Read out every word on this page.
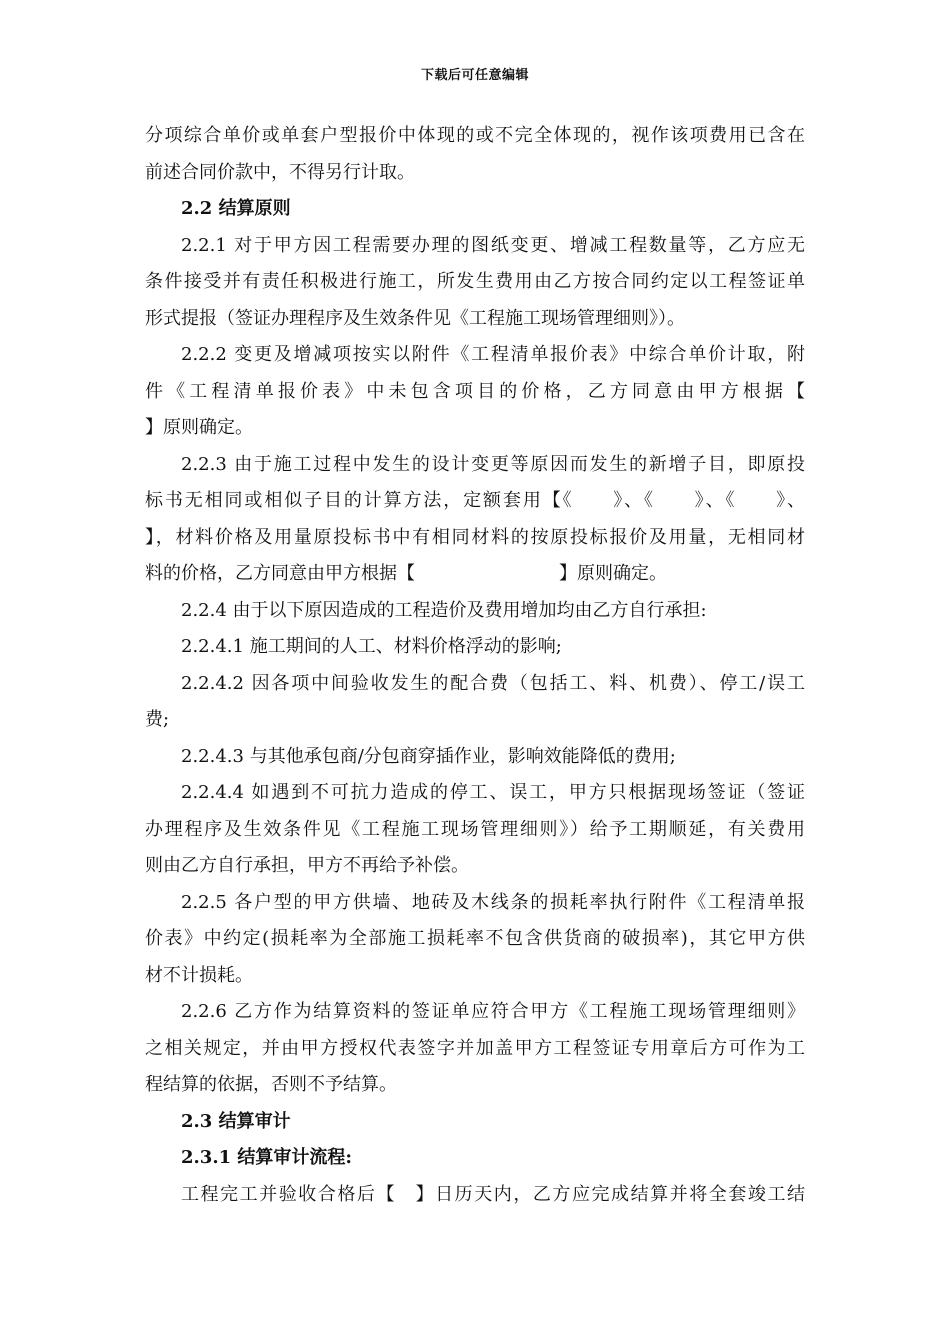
下载后可任意编辑
分项综合单价或单套户型报价中体现的或不完全体现的，视作该项费用已含在
前述合同价款中，不得另行计取。
2.2 结算原则
2.2.1 对于甲方因工程需要办理的图纸变更、增减工程数量等，乙方应无
条件接受并有责任积极进行施工，所发生费用由乙方按合同约定以工程签证单
形式提报（签证办理程序及生效条件见《工程施工现场管理细则》）。
2.2.2 变更及增减项按实以附件《工程清单报价表》中综合单价计取，附
件《工程清单报价表》中未包含项目的价格，乙方同意由甲方根据【
】原则确定。
2.2.3 由于施工过程中发生的设计变更等原因而发生的新增子目，即原投
标书无相同或相似子目的计算方法，定额套用【《　　》、《　　》、《　　》、
】，材料价格及用量原投标书中有相同材料的按原投标报价及用量，无相同材
料的价格，乙方同意由甲方根据【　　　　　　　　】原则确定。
2.2.4 由于以下原因造成的工程造价及费用增加均由乙方自行承担:
2.2.4.1 施工期间的人工、材料价格浮动的影响;
2.2.4.2 因各项中间验收发生的配合费（包括工、料、机费）、停工/误工
费;
2.2.4.3 与其他承包商/分包商穿插作业，影响效能降低的费用;
2.2.4.4 如遇到不可抗力造成的停工、误工，甲方只根据现场签证（签证
办理程序及生效条件见《工程施工现场管理细则》）给予工期顺延，有关费用
则由乙方自行承担，甲方不再给予补偿。
2.2.5 各户型的甲方供墙、地砖及木线条的损耗率执行附件《工程清单报
价表》中约定(损耗率为全部施工损耗率不包含供货商的破损率)，其它甲方供
材不计损耗。
2.2.6 乙方作为结算资料的签证单应符合甲方《工程施工现场管理细则》
之相关规定，并由甲方授权代表签字并加盖甲方工程签证专用章后方可作为工
程结算的依据，否则不予结算。
2.3 结算审计
2.3.1 结算审计流程:
工程完工并验收合格后【　】日历天内，乙方应完成结算并将全套竣工结
